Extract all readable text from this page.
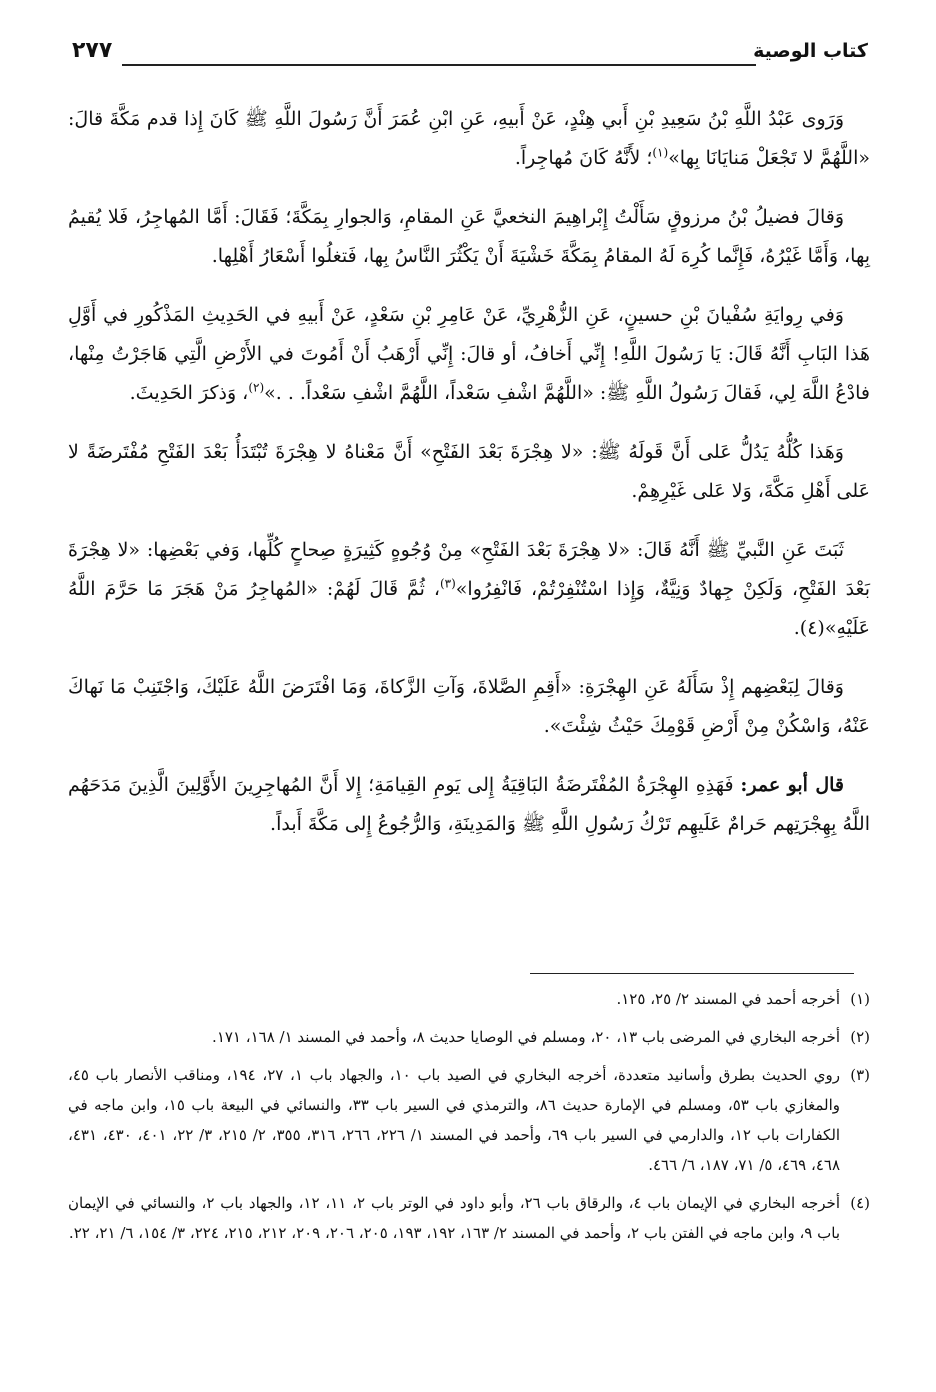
كتاب الوصية
٢٧٧

وَرَوى عَبْدُ اللَّهِ بْنُ سَعِيدِ بْنِ أَبي هِنْدٍ، عَنْ أَبيهِ، عَنِ ابْنِ عُمَرَ أَنَّ رَسُولَ اللَّهِ ﷺ كَانَ إِذا قدم مَكَّةَ قالَ: «اللَّهُمَّ لا تَجْعَلْ مَنايَانَا بِها»$^{(١)}$؛ لأَنَّهُ كَانَ مُهاجِراً.

وَقالَ فضيلُ بْنُ مرزوقٍ سَأَلْتُ إِبْراهِيمَ النخعيَّ عَنِ المقامِ، وَالجوارِ بِمَكَّةَ؛ فَقَالَ: أَمَّا المُهاجِرُ، فَلا يُقيمُ بِها، وَأَمَّا غَيْرُهُ، فَإِنَّما كُرِهَ لَهُ المقامُ بِمَكَّةَ خَشْيَةَ أَنْ يَكْثُرَ النَّاسُ بِها، فَتغلُوا أَسْعَارُ أَهْلِها.

وَفي رِوايَةِ سُفْيانَ بْنِ حسينٍ، عَنِ الزُّهْرِيِّ، عَنْ عَامِرِ بْنِ سَعْدٍ، عَنْ أَبيهِ في الحَدِيثِ المَذْكُورِ في أَوَّلِ هَذا البَابِ أَنَّهُ قَالَ: يَا رَسُولَ اللَّهِ! إِنِّي أَخافُ، أو قالَ: إِنِّي أَرْهَبُ أَنْ أَمُوتَ في الأَرْضِ الَّتِي هَاجَرْتُ مِنْها، فادْعُ اللَّهَ لِي، فَقالَ رَسُولُ اللَّهِ ﷺ: «اللَّهُمَّ اشْفِ سَعْداً، اللَّهُمَّ اشْفِ سَعْداً. . .»$^{(٢)}$، وَذكرَ الحَدِيثَ.

وَهَذا كُلُّهُ يَدُلُّ عَلى أَنَّ قَولَهُ ﷺ: «لا هِجْرَةَ بَعْدَ الفَتْحِ» أَنَّ مَعْناهُ لا هِجْرَةَ تُبْتَدَأُ بَعْدَ الفَتْحِ مُفْتَرضَةً لا عَلى أَهْلِ مَكَّةَ، وَلا عَلى غَيْرِهِمْ.

ثَبَتَ عَنِ النَّبيِّ ﷺ أَنَّهُ قَالَ: «لا هِجْرَةَ بَعْدَ الفَتْحِ» مِنْ وُجُوهٍ كَثِيرَةٍ صِحاحٍ كُلِّها، وَفي بَعْضِها: «لا هِجْرَةَ بَعْدَ الفَتْحِ، وَلَكِنْ جِهادٌ وَنِيَّةٌ، وَإِذا اسْتُنْفِرْتُمْ، فَانْفِرُوا»$^{(٣)}$، ثُمَّ قَالَ لَهُمْ: «المُهاجِرُ مَنْ هَجَرَ مَا حَرَّمَ اللَّهُ عَلَيْهِ»(٤).

وَقالَ لِبَعْضِهم إِذْ سَأَلَهُ عَنِ الهِجْرَةِ: «أَقِمِ الصَّلاةَ، وَآتِ الزَّكاةَ، وَمَا افْتَرَضَ اللَّهُ عَلَيْكَ، وَاجْتَنِبْ مَا نَهاكَ عَنْهُ، وَاسْكُنْ مِنْ أَرْضِ قَوْمِكَ حَيْثُ شِئْتَ».

قال أبو عمر: فَهَذِهِ الهِجْرَةُ المُفْتَرضَةُ البَاقِيَةُ إِلى يَومِ القِيامَةِ؛ إِلا أَنَّ المُهاجِرِينَ الأَوَّلِينَ الَّذِينَ مَدَحَهُم اللَّهُ بِهِجْرَتِهم حَرامٌ عَلَيهِم تَرْكُ رَسُولِ اللَّهِ ﷺ وَالمَدِينَةِ، وَالرُّجُوعُ إِلى مَكَّةَ أَبداً.

(١)
أخرجه أحمد في المسند ٢/ ٢٥، ١٢٥.
(٢)
أخرجه البخاري في المرضى باب ١٣، ٢٠، ومسلم في الوصايا حديث ٨، وأحمد في المسند ١/ ١٦٨، ١٧١.
(٣)
روي الحديث بطرق وأسانيد متعددة، أخرجه البخاري في الصيد باب ١٠، والجهاد باب ١، ٢٧، ١٩٤، ومناقب الأنصار باب ٤٥، والمغازي باب ٥٣، ومسلم في الإمارة حديث ٨٦، والترمذي في السير باب ٣٣، والنسائي في البيعة باب ١٥، وابن ماجه في الكفارات باب ١٢، والدارمي في السير باب ٦٩، وأحمد في المسند ١/ ٢٢٦، ٢٦٦، ٣١٦، ٣٥٥، ٢/ ٢١٥، ٣/ ٢٢، ٤٠١، ٤٣٠، ٤٣١، ٤٦٨، ٤٦٩، ٥/ ٧١، ١٨٧، ٦/ ٤٦٦.
(٤)
أخرجه البخاري في الإيمان باب ٤، والرقاق باب ٢٦، وأبو داود في الوتر باب ٢، ١١، ١٢، والجهاد باب ٢، والنسائي في الإيمان باب ٩، وابن ماجه في الفتن باب ٢، وأحمد في المسند ٢/ ١٦٣، ١٩٢، ١٩٣، ٢٠٥، ٢٠٦، ٢٠٩، ٢١٢، ٢١٥، ٢٢٤، ٣/ ١٥٤، ٦/ ٢١، ٢٢.
